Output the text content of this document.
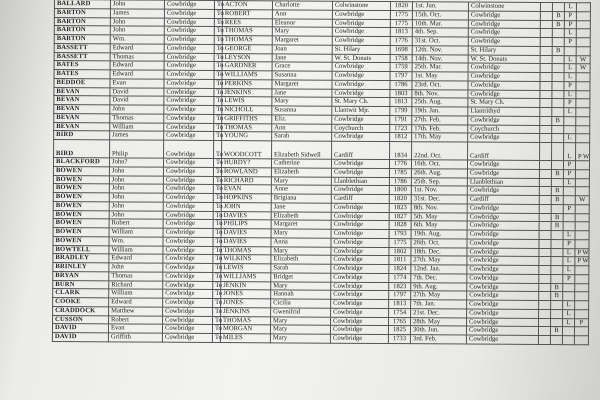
BALLARD	John	Cowbridge	To	ACTON	Charlotte	Colwinstone	1820	1st. Jun.	Colwinstone			L	
BARTON	James	Cowbridge	To	ROBERT	Ann	Cowbridge	1775	15th. Oct.	Cowbridge		B	P	
BARTON	John	Cowbridge	To	REES	Eleanor	Cowbridge	1775	10th. Mar.	Cowbridge		B	P	
BARTON	John	Cowbridge	To	THOMAS	Mary	Cowbridge	1813	4th. Sep.	Cowbridge			L	
BARTON	Wm.	Cowbridge	To	THOMAS	Margaret	Cowbridge	1776	31st. Oct.	Cowbridge			P	
BASSETT	Edward	Cowbridge	To	GEORGE	Joan	St. Hilary	1698	12th. Nov.	St. Hilary		B		
BASSETT	Thomas	Cowbridge	To	LEYSON	Jane	W. St. Donats	1758	14th. Nov.	W. St. Donats			L	W
BATES	Edward	Cowbridge	To	GARDNER	Grace	Cowbridge	1759	25th. Mar.	Cowbridge			L	W
BATES	Edward	Cowbridge	To	WILLIAMS	Susanna	Cowbridge	1797	1st. May	Cowbridge			L	
BEDDOE	Evan	Cowbridge	To	PERKINS	Margaret	Cowbridge	1786	23rd. Oct.	Cowbridge			P	
BEVAN	David	Cowbridge	To	JENKINS	Jane	Cowbridge	1803	8th. Nov.	Cowbridge			L	
BEVAN	David	Cowbridge	To	LEWIS	Mary	St. Mary Ch.	1813	25th. Aug.	St. Mary Ch.			P	
BEVAN	John	Cowbridge	To	NICHOLL	Susanna	Llantwit Mjr.	1799	19th. Jan.	Llantrithyd			L	
BEVAN	Thomas	Cowbridge	To	GRIFFITHS	Eliz.	Cowbridge	1791	27th. Feb.	Cowbridge		B		
BEVAN	William	Cowbridge	To	THOMAS	Ann	Coychurch	1723	17th. Feb.	Coychurch				
BIRD	James	Cowbridge	To	YOUNG	Sarah	Cowbridge	1812	17th. May	Cowbridge			L	
BIRD	Philip	Cowbridge	To	WOODCOTT	Elizabeth Sidwell	Cardiff	1834	22nd. Oct.	Cardiff			L	P W
BLACKFORD	John?	Cowbridge	To	HURDY?	Catherine	Cowbridge	1776	16th. Oct.	Cowbridge			P	
BOWEN	John	Cowbridge	To	ROWLAND	Elizabeth	Cowbridge	1785	26th. Aug.	Cowbridge		B	P	
BOWEN	John	Cowbridge	To	RICHARD	Mary	Llanblethian	1786	25th. Sep.	Llanblethian			L	
BOWEN	John	Cowbridge	To	EVAN	Anne	Cowbridge	1800	1st. Nov.	Cowbridge		B		
BOWEN	John	Cowbridge	To	HOPKINS	Brigiana	Cardiff	1820	31st. Dec.	Cardiff		B		W
BOWEN	John	Cowbridge	To	JOHN	Jane	Cowbridge	1823	8th. Nov.	Cowbridge			P	
BOWEN	John	Cowbridge	To	DAVIES	Elizabeth	Cowbridge	1827	5th. May	Cowbridge		B		
BOWEN	Robert	Cowbridge	To	PHILIPS	Margaret	Cowbridge	1828	6th. May	Cowbridge		B		
BOWEN	William	Cowbridge	To	DAVIES	Mary	Cowbridge	1793	19th. Aug.	Cowbridge			L	
BOWEN	Wm.	Cowbridge	To	DAVIES	Anna	Cowbridge	1775	26th. Oct.	Cowbridge			P	
BOWTELL	William	Cowbridge	To	THOMAS	Mary	Cowbridge	1802	18th. Dec.	Cowbridge			L	P W
BRADLEY	Edward	Cowbridge	To	WILKINS	Elizabeth	Cowbridge	1811	27th. May	Cowbridge			L	P W
BRINLEY	John	Cowbridge	To	LEWIS	Sarah	Cowbridge	1824	12nd. Jan.	Cowbridge			L	
BRYAN	Thomas	Cowbridge	To	WILLIAMS	Bridget	Cowbridge	1774	7th. Dec.	Cowbridge			P	
BURN	Richard	Cowbridge	To	JENKIN	Mary	Cowbridge	1823	9th. Aug.	Cowbridge		B		
CLARK	William	Cowbridge	To	JONES	Hannah	Cowbridge	1797	27th. May	Cowbridge		B		
COOKE	Edward	Cowbridge	To	JONES	Cicilia	Cowbridge	1813	7th. Jan.	Cowbridge			L	
CRADDOCK	Matthew	Cowbridge	To	JENKINS	Gwenifrid	Cowbridge	1754	21st. Dec.	Cowbridge			L	
CUSSON	Robert	Cowbridge	To	THOMAS	Mary	Cowbridge	1765	28th. May	Cowbridge			L	P
DAVID	Evan	Cowbridge	To	MORGAN	Mary	Cowbridge	1825	30th. Jun.	Cowbridge		B		
DAVID	Griffith	Cowbridge	To	MILES	Mary	Cowbridge	1733	3rd. Feb.	Cowbridge				
